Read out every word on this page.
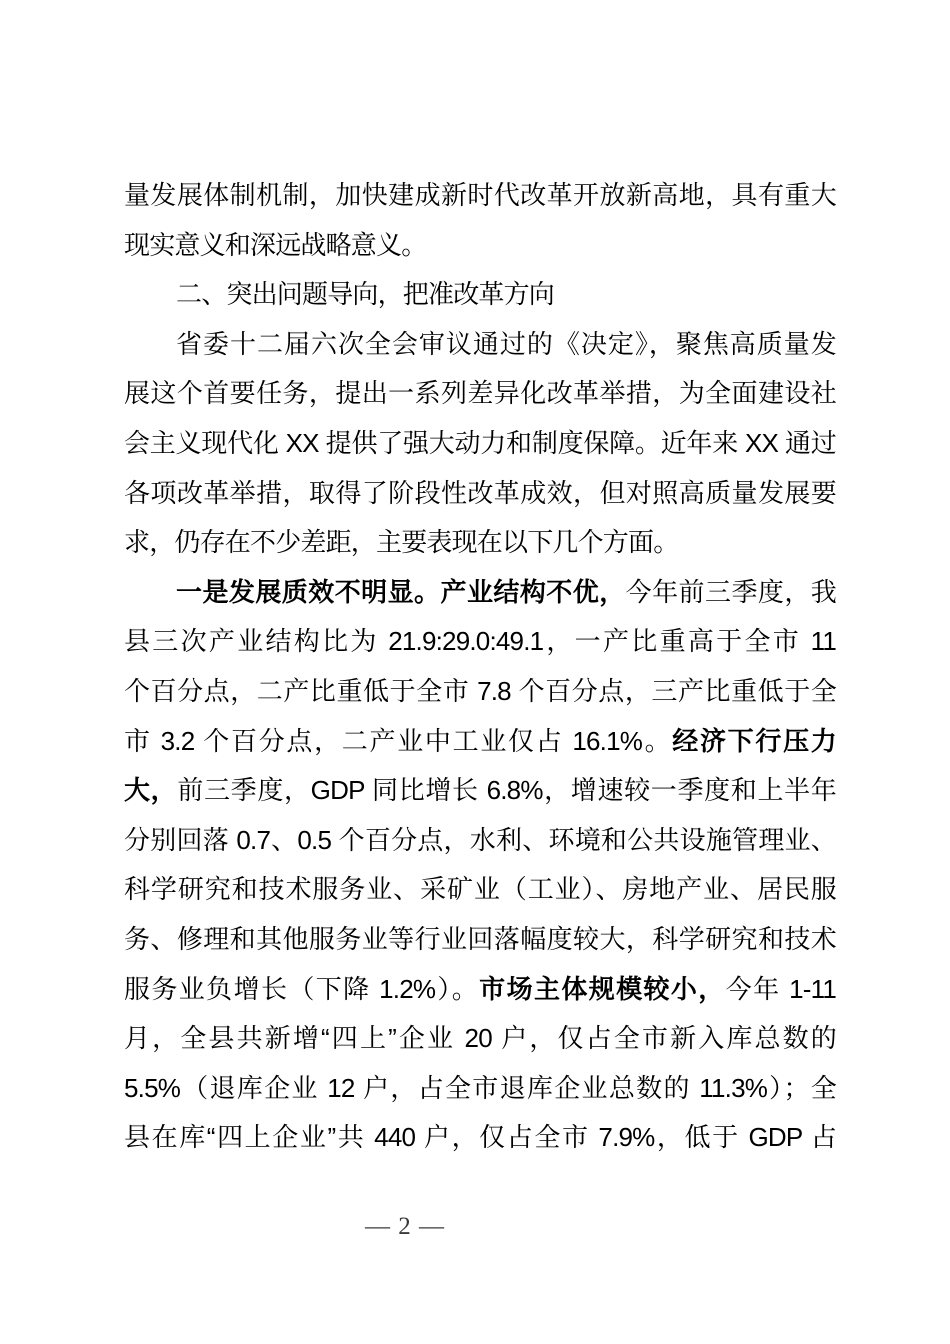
量发展体制机制，加快建成新时代改革开放新高地，具有重大
现实意义和深远战略意义。
二、突出问题导向，把准改革方向
省委十二届六次全会审议通过的《决定》，聚焦高质量发
展这个首要任务，提出一系列差异化改革举措，为全面建设社
会主义现代化 XX 提供了强大动力和制度保障。近年来 XX 通过
各项改革举措，取得了阶段性改革成效，但对照高质量发展要
求，仍存在不少差距，主要表现在以下几个方面。
一是发展质效不明显。产业结构不优，今年前三季度，我
县三次产业结构比为 21.9:29.0:49.1，一产比重高于全市 11
个百分点，二产比重低于全市 7.8 个百分点，三产比重低于全
市 3.2 个百分点，二产业中工业仅占 16.1%。经济下行压力
大，前三季度，GDP 同比增长 6.8%，增速较一季度和上半年
分别回落 0.7、0.5 个百分点，水利、环境和公共设施管理业、
科学研究和技术服务业、采矿业（工业）、房地产业、居民服
务、修理和其他服务业等行业回落幅度较大，科学研究和技术
服务业负增长（下降 1.2%）。市场主体规模较小，今年 1-11
月，全县共新增“四上”企业 20 户，仅占全市新入库总数的
5.5%（退库企业 12 户，占全市退库企业总数的 11.3%）；全
县在库“四上企业”共 440 户，仅占全市 7.9%，低于 GDP 占
— 2 —
